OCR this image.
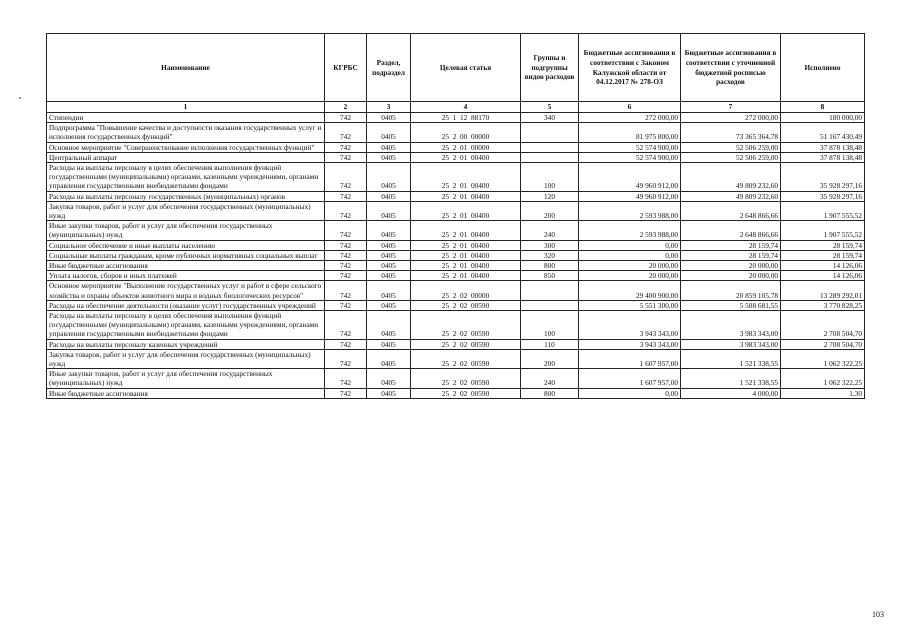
Наименование	КГРБС	Раздел, подраздел	Целевая статья	Группы и подгруппы видов расходов	Бюджетные ассигнования в соответствии с Законом Калужской области от 04.12.2017 № 278-ОЗ	Бюджетные ассигнования в соответствии с уточненной бюджетной росписью расходов	Исполнено
1	2	3	4	5	6	7	8
Стипендии	742	0405	25  1  12  88170	340	272 000,00	272 000,00	180 000,00
Подпрограмма "Повышение качества и доступности оказания государственных услуг и исполнения государственных функций"	742	0405	25  2  00  00000		81 975 800,00	73 365 364,78	51 167 430,49
Основное мероприятие "Совершенствование исполнения государственных функций"	742	0405	25  2  01  00000		52 574 900,00	52 506 259,00	37 878 138,48
Центральный аппарат	742	0405	25  2  01  00400		52 574 900,00	52 506 259,00	37 878 138,48
Расходы на выплаты персоналу в целях обеспечения выполнения функций государственными (муниципальными) органами, казенными учреждениями, органами управления государственными внебюджетными фондами	742	0405	25  2  01  00400	100	49 960 912,00	49 809 232,60	35 928 297,16
Расходы на выплаты персоналу государственных (муниципальных) органов	742	0405	25  2  01  00400	120	49 960 912,00	49 809 232,60	35 928 297,16
Закупка товаров, работ и услуг для обеспечения государственных (муниципальных) нужд	742	0405	25  2  01  00400	200	2 593 988,00	2 648 866,66	1 907 555,52
Иные закупки товаров, работ и услуг для обеспечения государственных (муниципальных) нужд	742	0405	25  2  01  00400	240	2 593 988,00	2 648 866,66	1 907 555,52
Социальное обеспечение и иные выплаты населению	742	0405	25  2  01  00400	300	0,00	28 159,74	28 159,74
Социальные выплаты гражданам, кроме публичных нормативных социальных выплат	742	0405	25  2  01  00400	320	0,00	28 159,74	28 159,74
Иные бюджетные ассигнования	742	0405	25  2  01  00400	800	20 000,00	20 000,00	14 126,06
Уплата налогов, сборов и иных платежей	742	0405	25  2  01  00400	850	20 000,00	20 000,00	14 126,06
Основное мероприятие "Выполнение государственных услуг и работ в сфере сельского хозяйства и охраны объектов животного мира и водных биологических ресурсов"	742	0405	25  2  02  00000		29 400 900,00	20 859 105,78	13 289 292,01
Расходы на обеспечение деятельности (оказание услуг) государственных учреждений	742	0405	25  2  02  00590		5 551 300,00	5 508 681,55	3 770 828,25
Расходы на выплаты персоналу в целях обеспечения выполнения функций государственными (муниципальными) органами, казенными учреждениями, органами управления государственными внебюджетными фондами	742	0405	25  2  02  00590	100	3 943 343,00	3 983 343,00	2 708 504,70
Расходы на выплаты персоналу казенных учреждений	742	0405	25  2  02  00590	110	3 943 343,00	3 983 343,00	2 708 504,70
Закупка товаров, работ и услуг для обеспечения государственных (муниципальных) нужд	742	0405	25  2  02  00590	200	1 607 957,00	1 521 338,55	1 062 322,25
Иные закупки товаров, работ и услуг для обеспечения государственных (муниципальных) нужд	742	0405	25  2  02  00590	240	1 607 957,00	1 521 338,55	1 062 322,25
Иные бюджетные ассигнования	742	0405	25  2  02  00590	800	0,00	4 000,00	1,30
103
